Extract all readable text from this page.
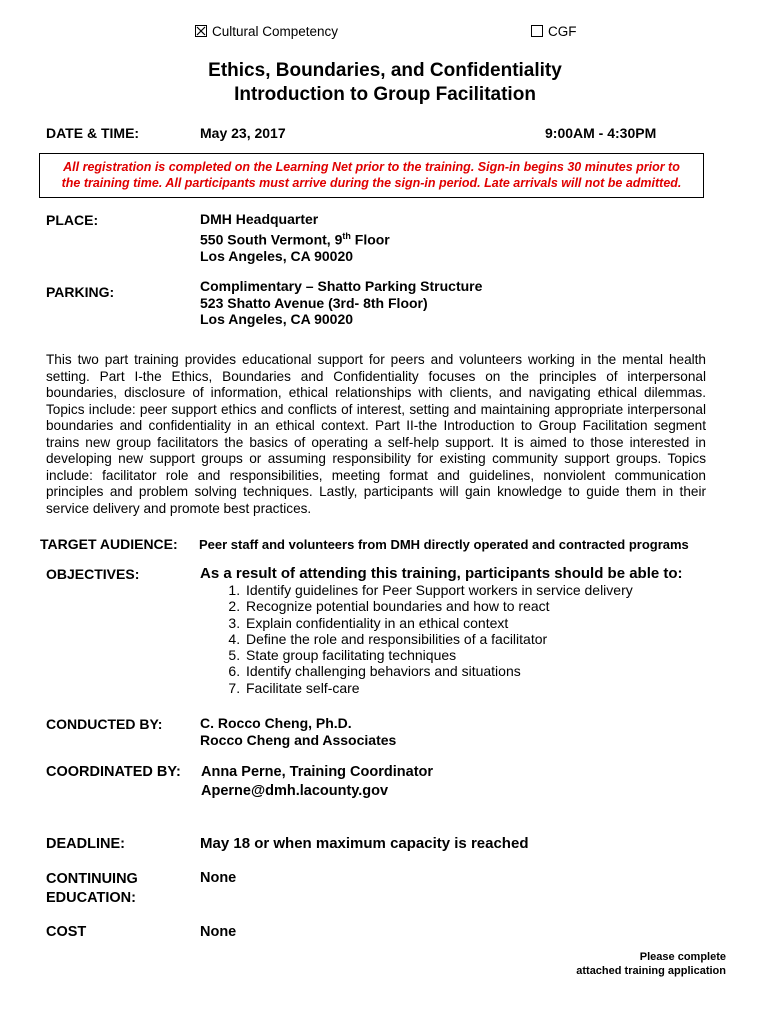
Cultural Competency	CGF
Ethics, Boundaries, and Confidentiality
Introduction to Group Facilitation
DATE & TIME:	May 23, 2017	9:00AM - 4:30PM
All registration is completed on the Learning Net prior to the training. Sign-in begins 30 minutes prior to
the training time. All participants must arrive during the sign-in period. Late arrivals will not be admitted.
PLACE:	DMH Headquarter
550 South Vermont, 9th Floor
Los Angeles, CA 90020
PARKING:	Complimentary – Shatto Parking Structure
523 Shatto Avenue (3rd- 8th Floor)
Los Angeles, CA 90020
This two part training provides educational support for peers and volunteers working in the mental health setting. Part I-the Ethics, Boundaries and Confidentiality focuses on the principles of interpersonal boundaries, disclosure of information, ethical relationships with clients, and navigating ethical dilemmas. Topics include: peer support ethics and conflicts of interest, setting and maintaining appropriate interpersonal boundaries and confidentiality in an ethical context. Part II-the Introduction to Group Facilitation segment trains new group facilitators the basics of operating a self-help support. It is aimed to those interested in developing new support groups or assuming responsibility for existing community support groups. Topics include: facilitator role and responsibilities, meeting format and guidelines, nonviolent communication principles and problem solving techniques. Lastly, participants will gain knowledge to guide them in their service delivery and promote best practices.
TARGET AUDIENCE: Peer staff and volunteers from DMH directly operated and contracted programs
OBJECTIVES:	As a result of attending this training, participants should be able to:
1. Identify guidelines for Peer Support workers in service delivery
2. Recognize potential boundaries and how to react
3. Explain confidentiality in an ethical context
4. Define the role and responsibilities of a facilitator
5. State group facilitating techniques
6. Identify challenging behaviors and situations
7. Facilitate self-care
CONDUCTED BY:	C. Rocco Cheng, Ph.D.
Rocco Cheng and Associates
COORDINATED BY: Anna Perne, Training Coordinator
Aperne@dmh.lacounty.gov
DEADLINE:	May 18 or when maximum capacity is reached
CONTINUING
EDUCATION:
None
COST	None
Please complete
attached training application
